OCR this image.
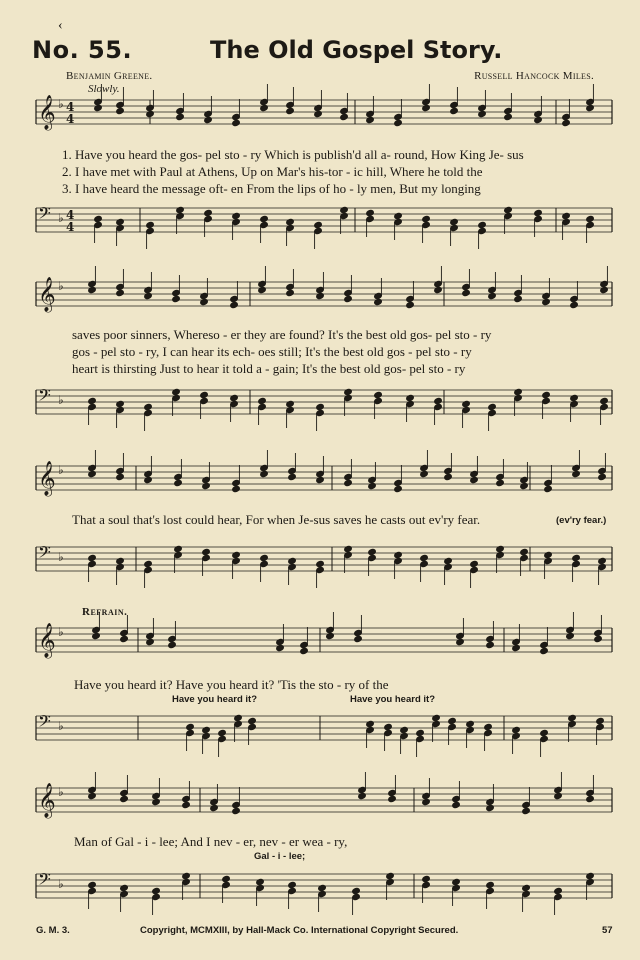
‹
No. 55.	The Old Gospel Story.
Benjamin Greene.	Russell Hancock Miles.
Slowly.
𝄞 ♭
𝄢 ♭
𝄞 ♭
𝄢 ♭
𝄞 ♭
𝄢 ♭
𝄞 ♭
𝄢 ♭
𝄞 ♭
𝄢 ♭
4
4
4
4
1. Have you heard the gos- pel sto - ry Which is publish'd all a- round, How King Je- sus
2. I have met with Paul at Athens, Up on Mar's his-tor - ic hill, Where he told the
3. I have heard the message oft- en From the lips of ho - ly men, But my longing
saves poor sinners, Whereso - er they are found? It's the best old gos- pel sto - ry
gos - pel sto - ry, I can hear its ech- oes still; It's the best old gos - pel sto - ry
heart is thirsting Just to hear it told a - gain; It's the best old gos- pel sto - ry
That a soul that's lost could hear, For when Je-sus saves he casts out ev'ry fear.	(ev'ry fear.)
Refrain.
Have you heard it? Have you heard it? 'Tis the sto - ry of the
Have you heard it?	Have you heard it?
Man of Gal - i - lee; And I nev - er, nev - er wea - ry,
Gal - i - lee;
G. M. 3.	Copyright, MCMXIII, by Hall-Mack Co. International Copyright Secured.	57
